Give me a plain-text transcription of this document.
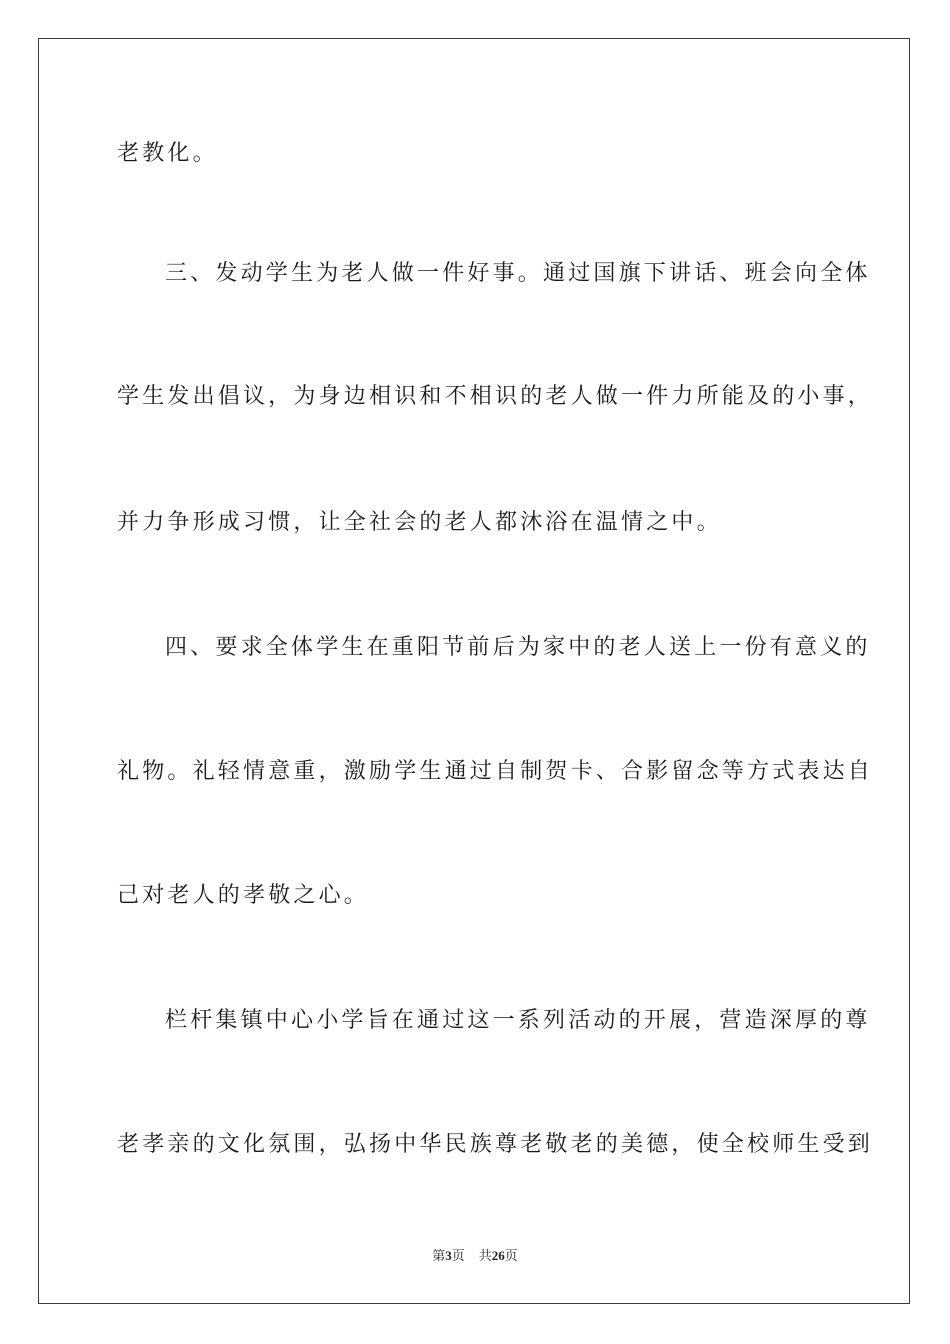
老教化。
三、发动学生为老人做一件好事。通过国旗下讲话、班会向全体
学生发出倡议，为身边相识和不相识的老人做一件力所能及的小事，
并力争形成习惯，让全社会的老人都沐浴在温情之中。
四、要求全体学生在重阳节前后为家中的老人送上一份有意义的
礼物。礼轻情意重，激励学生通过自制贺卡、合影留念等方式表达自
己对老人的孝敬之心。
栏杆集镇中心小学旨在通过这一系列活动的开展，营造深厚的尊
老孝亲的文化氛围，弘扬中华民族尊老敬老的美德，使全校师生受到
第3页 共26页
